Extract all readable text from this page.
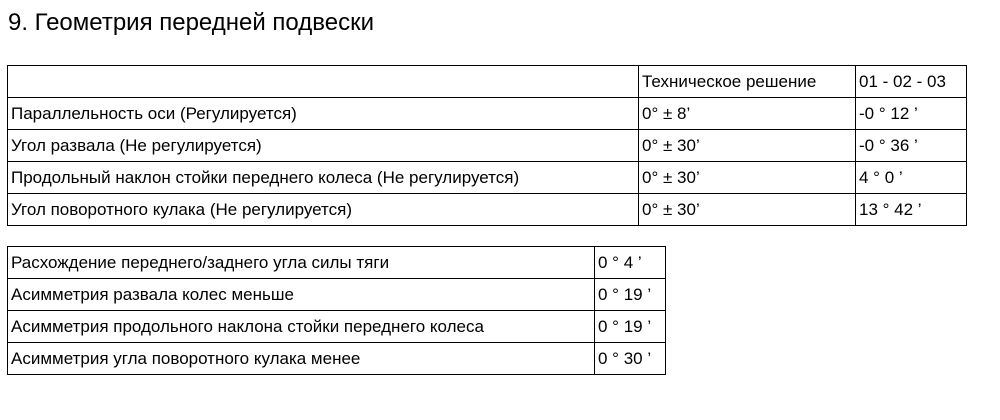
9. Геометрия передней подвески
	Техническое решение	01 - 02 - 03
Параллельность оси (Регулируется)	0° ± 8’	-0 ° 12 ’
Угол развала (Не регулируется)	0° ± 30’	-0 ° 36 ’
Продольный наклон стойки переднего колеса (Не регулируется)	0° ± 30’	4 ° 0 ’
Угол поворотного кулака (Не регулируется)	0° ± 30’	13 ° 42 ’
Расхождение переднего/заднего угла силы тяги	0 ° 4 ’
Асимметрия развала колес меньше	0 ° 19 ’
Асимметрия продольного наклона стойки переднего колеса	0 ° 19 ’
Асимметрия угла поворотного кулака менее	0 ° 30 ’
